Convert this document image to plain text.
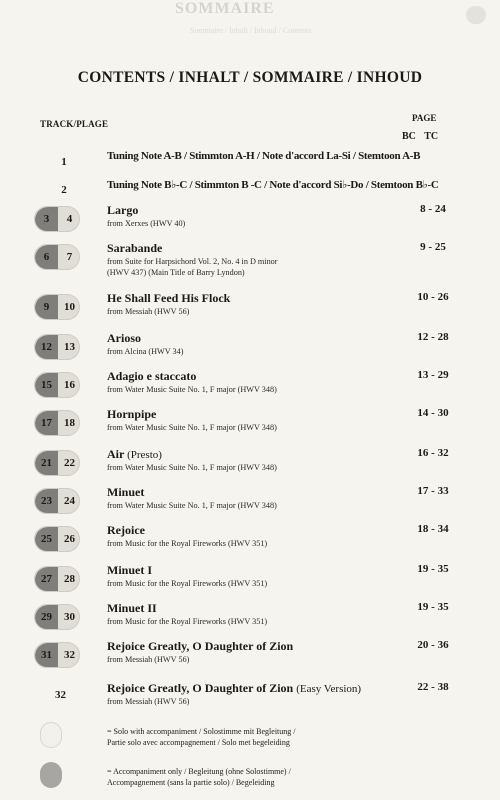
SOMMAIRE
Sommaire / Inhalt / Inhoud / Contents
CONTENTS / INHALT / SOMMAIRE / INHOUD
TRACK/PLAGE
PAGE
BC TC
1	Tuning Note A-B / Stimmton A-H / Note d'accord La-Si / Stemtoon A-B
2	Tuning Note B♭-C / Stimmton B -C / Note d'accord Si♭-Do / Stemtoon B♭-C
3	4
Largo
from Xerxes (HWV 40)
8 - 24
6	7
Sarabande
from Suite for Harpsichord Vol. 2, No. 4 in D minor
(HWV 437) (Main Title of Barry Lyndon)
9 - 25
9	10
He Shall Feed His Flock
from Messiah (HWV 56)
10 - 26
12	13
Arioso
from Alcina (HWV 34)
12 - 28
15	16
Adagio e staccato
from Water Music Suite No. 1, F major (HWV 348)
13 - 29
17	18
Hornpipe
from Water Music Suite No. 1, F major (HWV 348)
14 - 30
21	22
Air (Presto)
from Water Music Suite No. 1, F major (HWV 348)
16 - 32
23	24
Minuet
from Water Music Suite No. 1, F major (HWV 348)
17 - 33
25	26
Rejoice
from Music for the Royal Fireworks (HWV 351)
18 - 34
27	28
Minuet I
from Music for the Royal Fireworks (HWV 351)
19 - 35
29	30
Minuet II
from Music for the Royal Fireworks (HWV 351)
19 - 35
31	32
Rejoice Greatly, O Daughter of Zion
from Messiah (HWV 56)
20 - 36
32	Rejoice Greatly, O Daughter of Zion (Easy Version)
from Messiah (HWV 56)
22 - 38
= Solo with accompaniment / Solostimme mit Begleitung /
Partie solo avec accompagnement / Solo met begeleiding
= Accompaniment only / Begleitung (ohne Solostimme) /
Accompagnement (sans la partie solo) / Begeleiding
